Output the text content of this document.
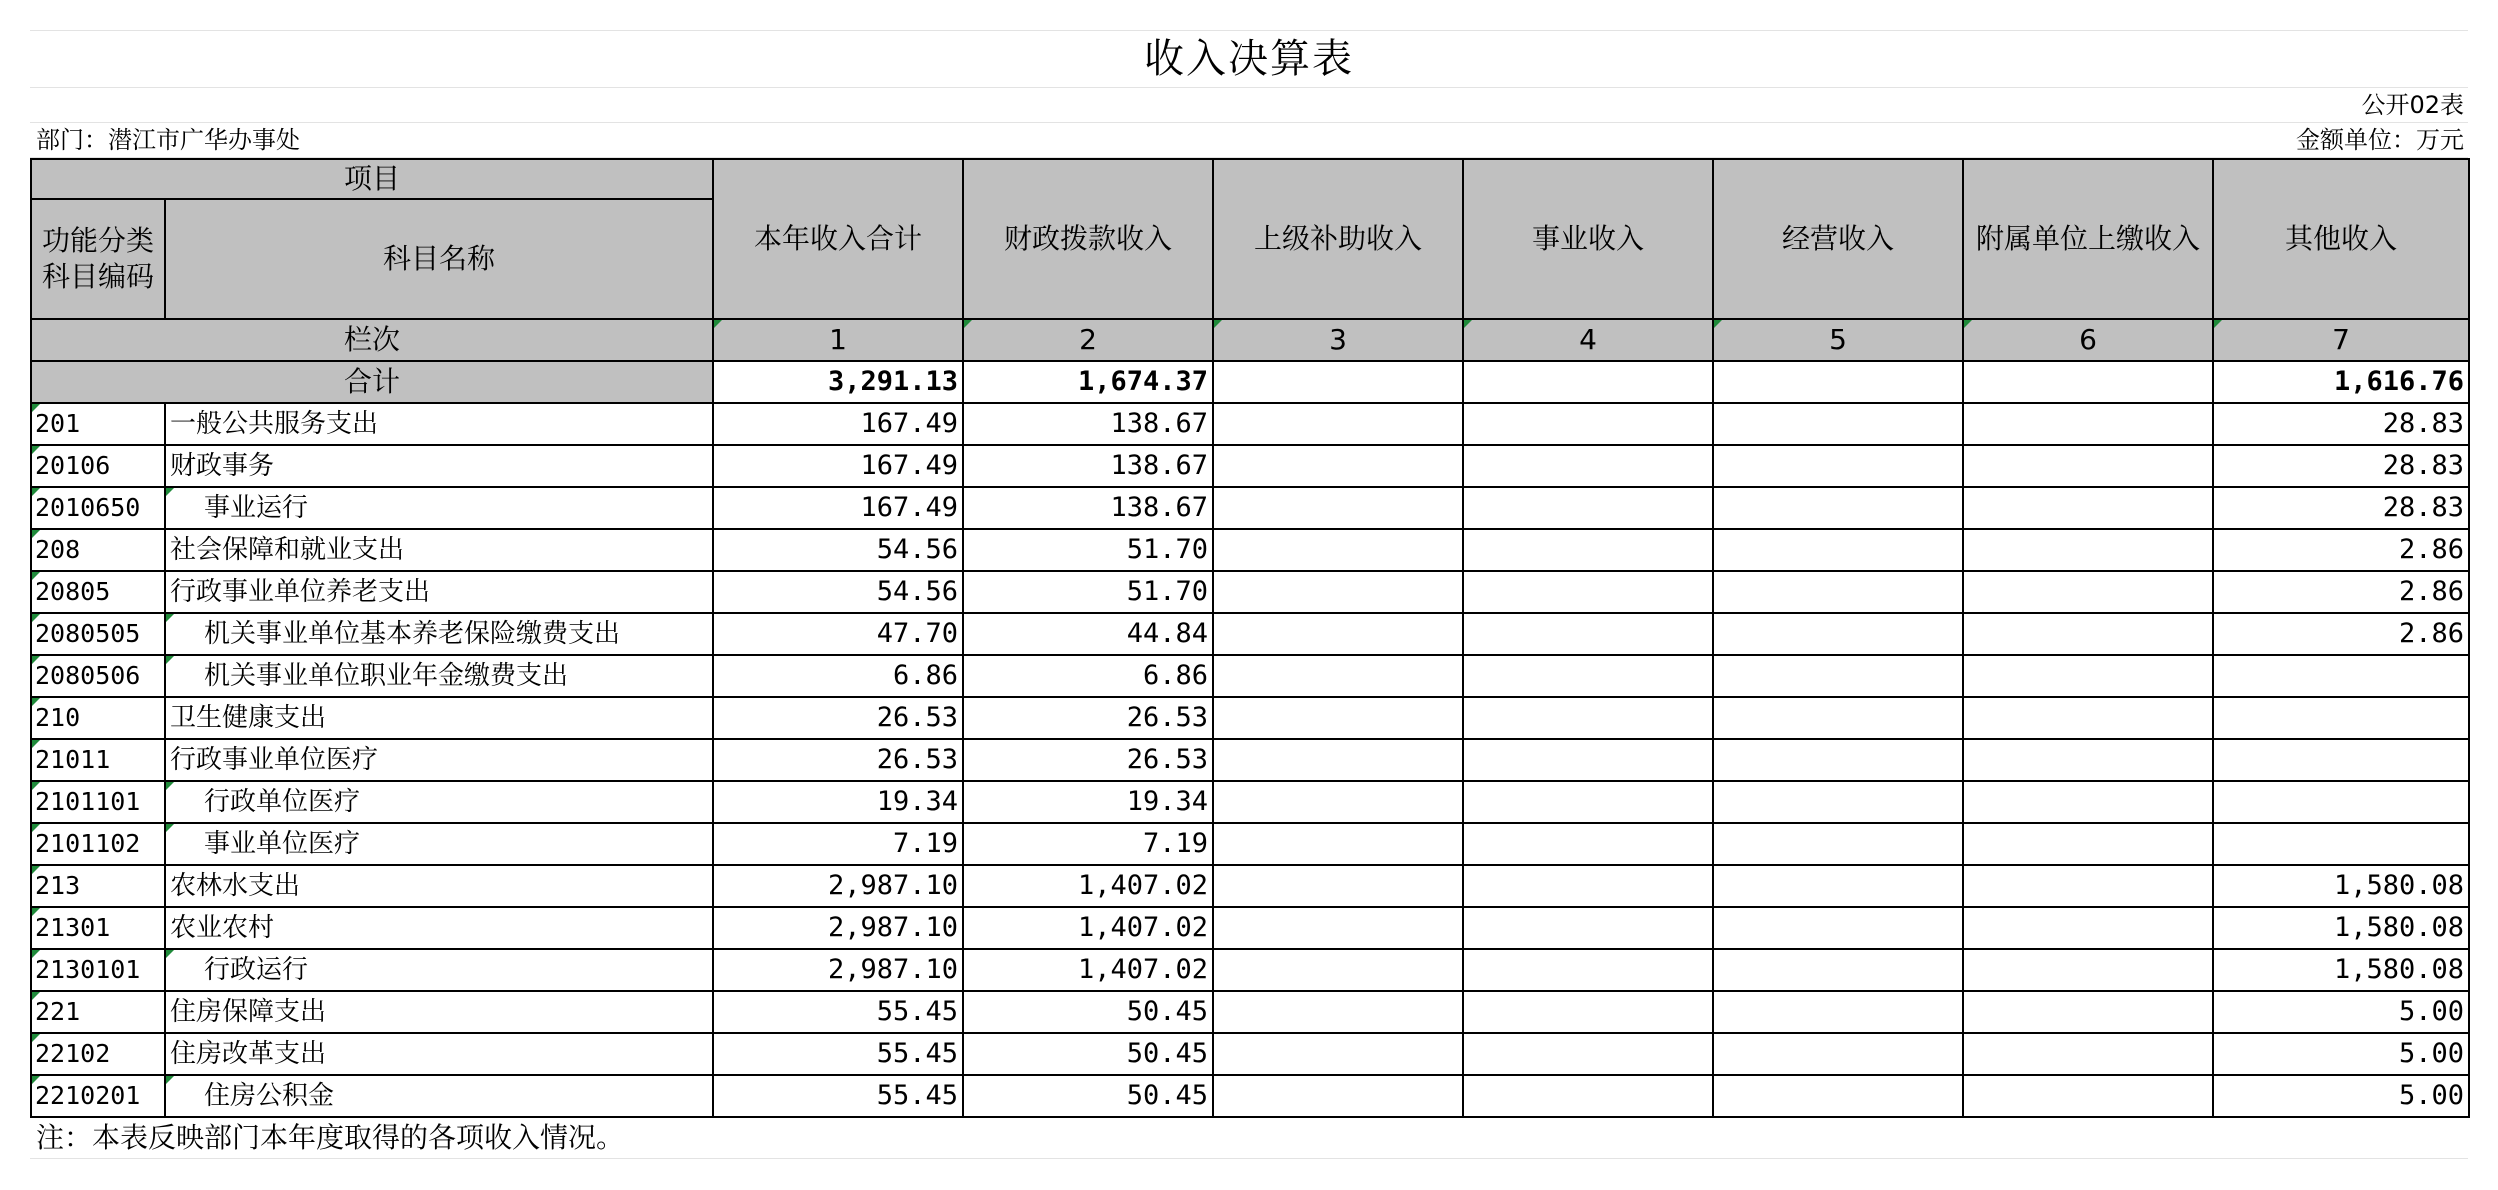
收入决算表
公开02表
部门：潜江市广华办事处	金额单位：万元
项目		本年收入合计	财政拨款收入	上级补助收入	事业收入	经营收入	附属单位上缴收入	其他收入
功能分类科目编码	科目名称							
栏次		1	2	3	4	5	6	7
合计		3,291.13	1,674.37					1,616.76
201	一般公共服务支出	167.49	138.67					28.83
20106	财政事务	167.49	138.67					28.83
2010650	事业运行	167.49	138.67					28.83
208	社会保障和就业支出	54.56	51.70					2.86
20805	行政事业单位养老支出	54.56	51.70					2.86
2080505	机关事业单位基本养老保险缴费支出	47.70	44.84					2.86
2080506	机关事业单位职业年金缴费支出	6.86	6.86					
210	卫生健康支出	26.53	26.53					
21011	行政事业单位医疗	26.53	26.53					
2101101	行政单位医疗	19.34	19.34					
2101102	事业单位医疗	7.19	7.19					
213	农林水支出	2,987.10	1,407.02					1,580.08
21301	农业农村	2,987.10	1,407.02					1,580.08
2130101	行政运行	2,987.10	1,407.02					1,580.08
221	住房保障支出	55.45	50.45					5.00
22102	住房改革支出	55.45	50.45					5.00
2210201	住房公积金	55.45	50.45					5.00
注：本表反映部门本年度取得的各项收入情况。
